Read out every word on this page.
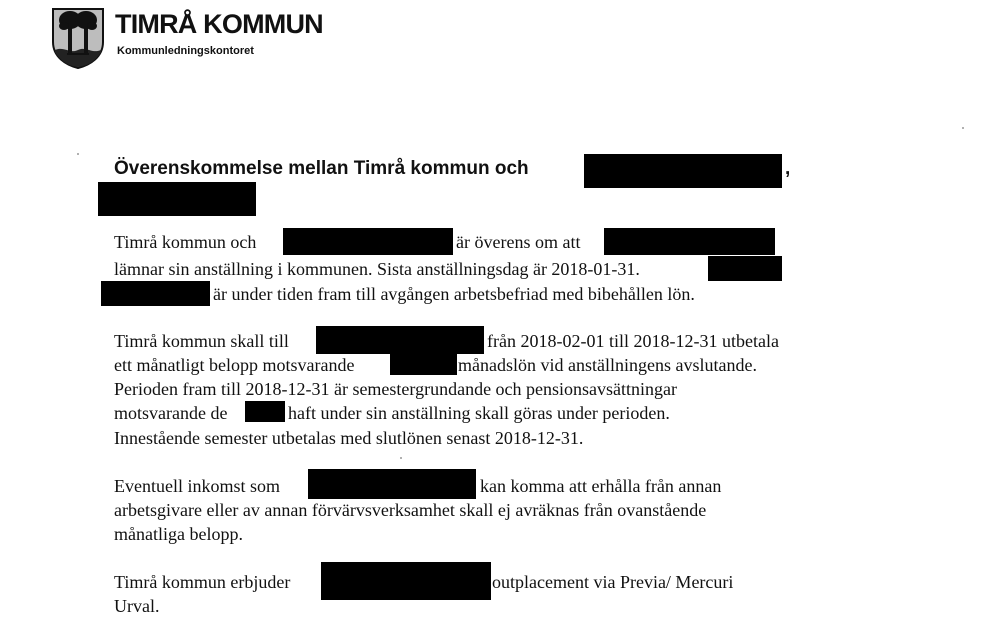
TIMRÅ KOMMUN
Kommunledningskontoret
Överenskommelse mellan Timrå kommun och	,
Timrå kommun och	är överens om att
lämnar sin anställning i kommunen. Sista anställningsdag är 2018-01-31.
är under tiden fram till avgången arbetsbefriad med bibehållen lön.
Timrå kommun skall till	från 2018-02-01 till 2018-12-31 utbetala
ett månatligt belopp motsvarande	månadslön vid anställningens avslutande.
Perioden fram till 2018-12-31 är semestergrundande och pensionsavsättningar
motsvarande de	haft under sin anställning skall göras under perioden.
Innestående semester utbetalas med slutlönen senast 2018-12-31.
Eventuell inkomst som	kan komma att erhålla från annan
arbetsgivare eller av annan förvärvsverksamhet skall ej avräknas från ovanstående
månatliga belopp.
Timrå kommun erbjuder	outplacement via Previa/ Mercuri
Urval.
